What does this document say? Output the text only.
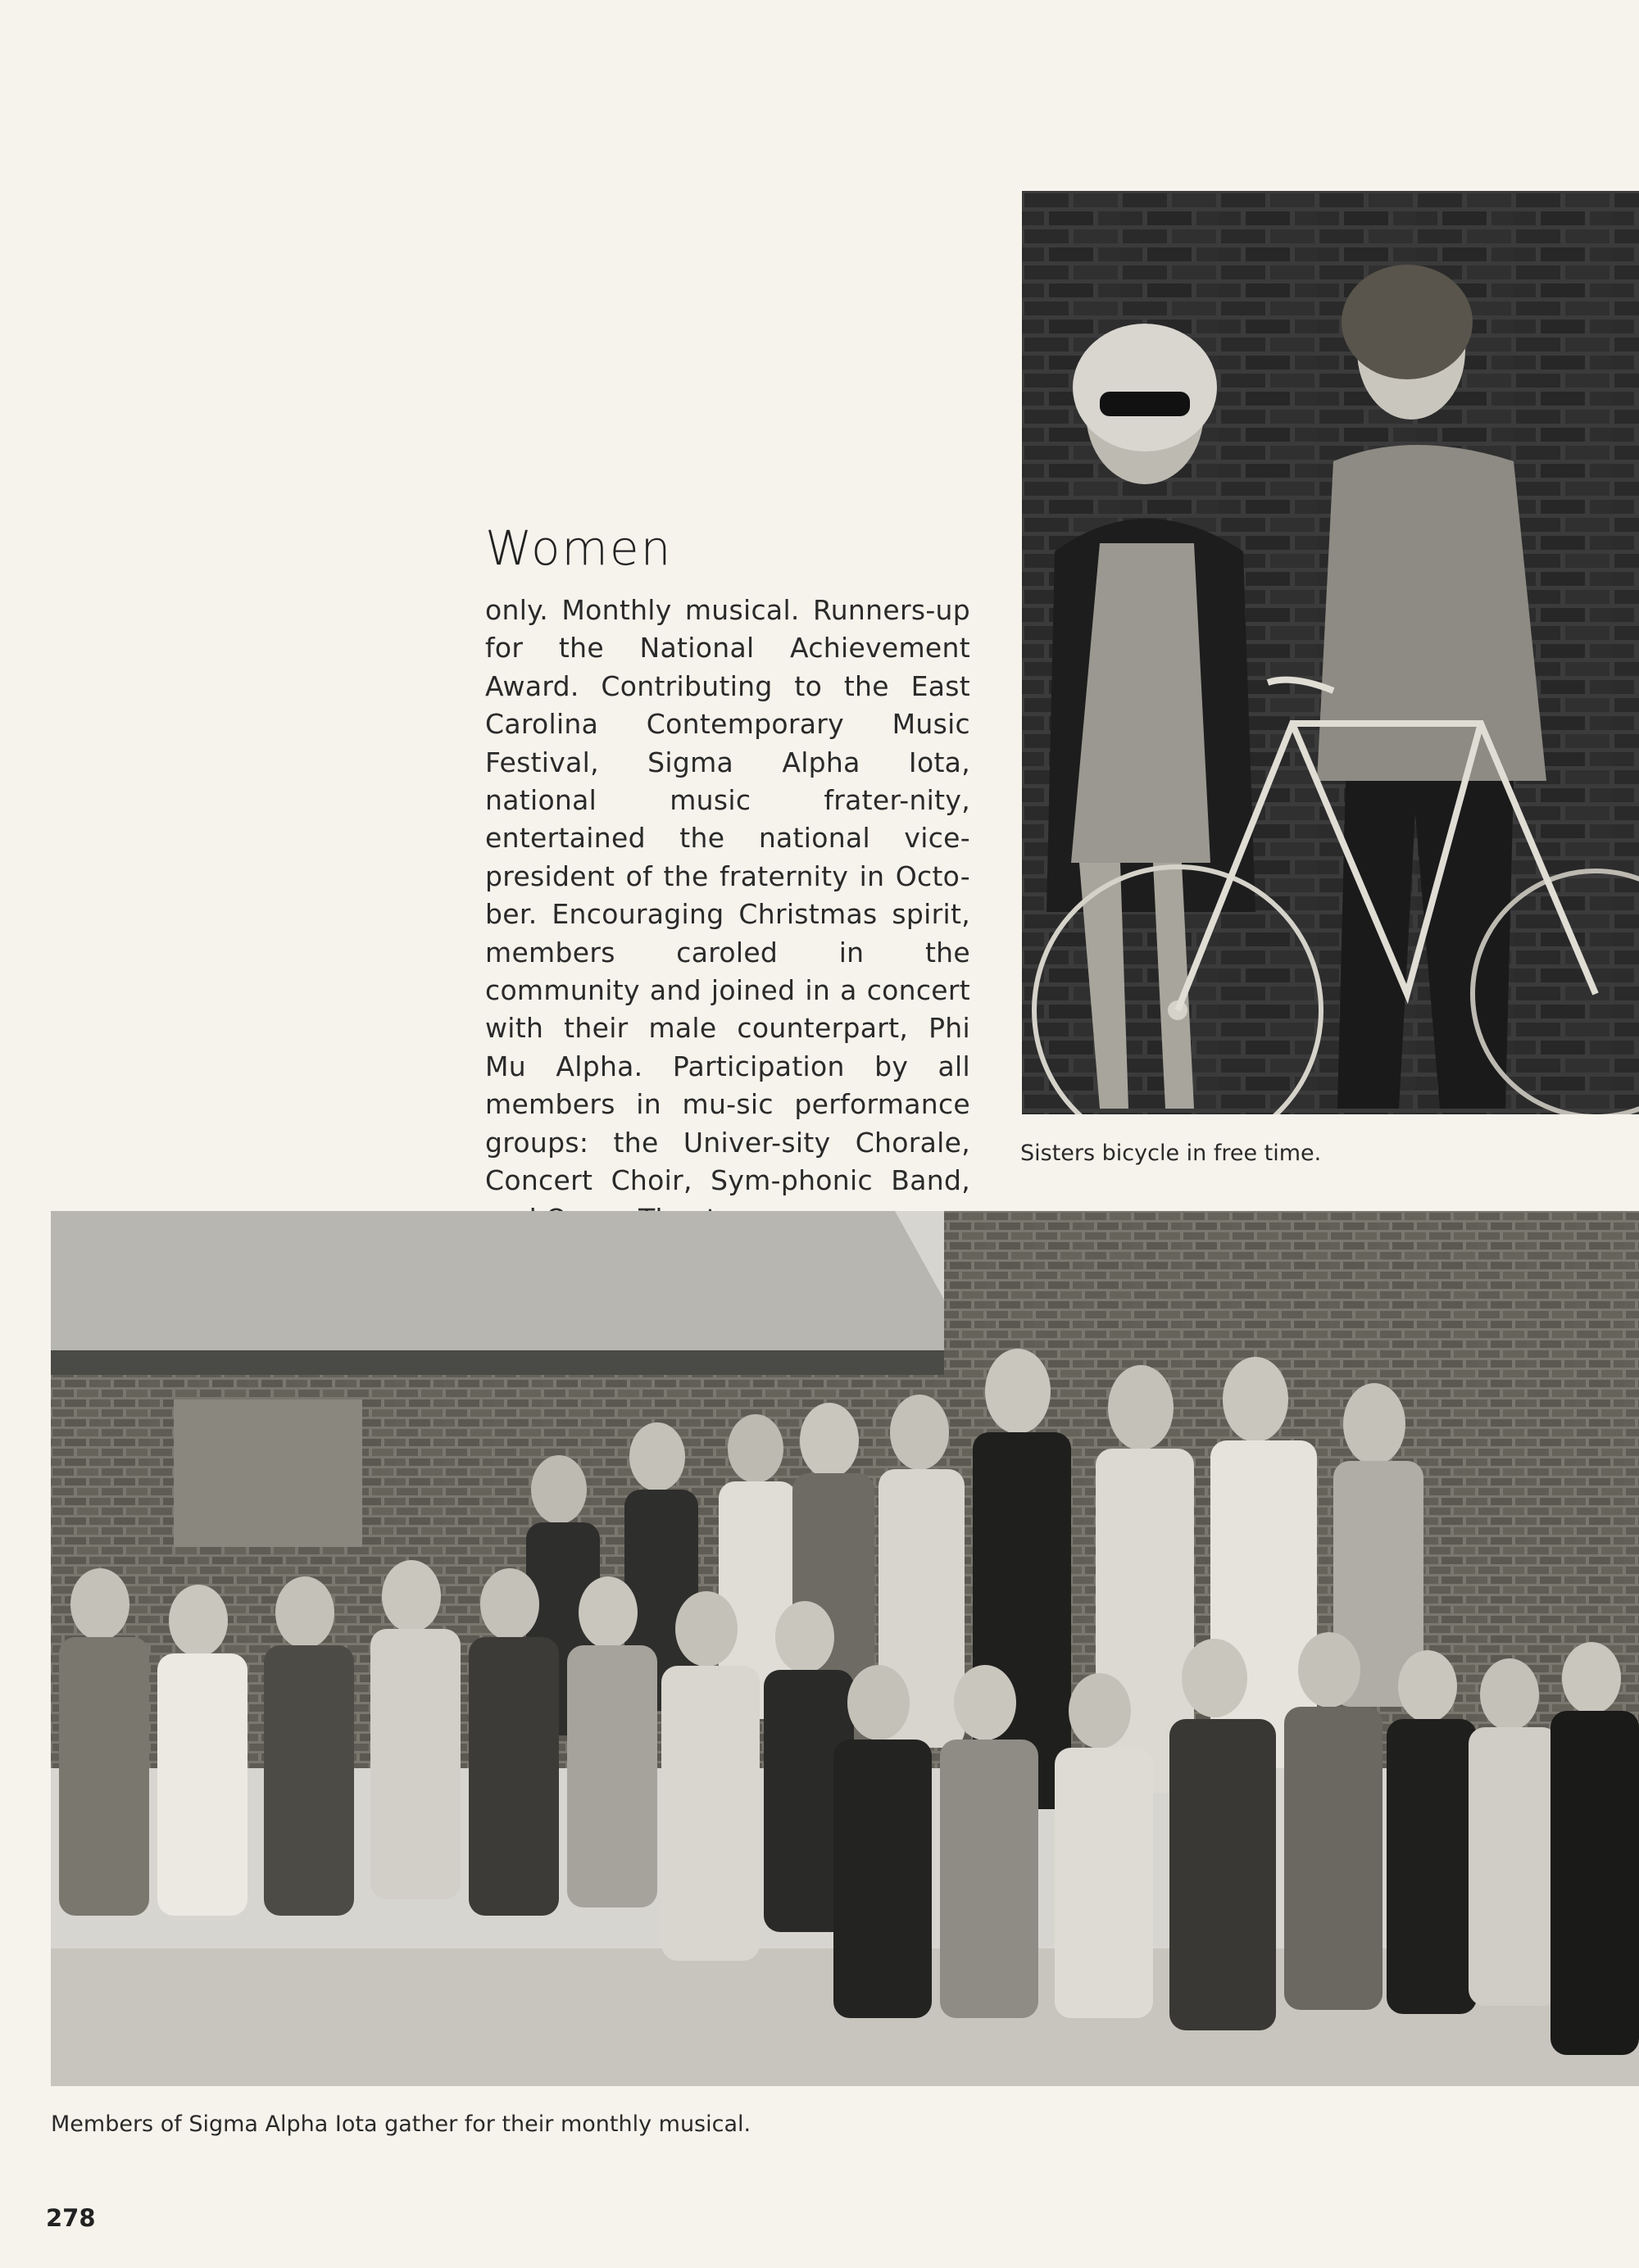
Women

only. Monthly musical. Runners-up for the National Achievement Award. Contributing to the East Carolina Contemporary Music Festival, Sigma Alpha Iota, national music frater-nity, entertained the national vice-president of the fraternity in Octo-ber. Encouraging Christmas spirit, members caroled in the community and joined in a concert with their male counterpart, Phi Mu Alpha. Participation by all members in mu-sic performance groups: the Univer-sity Chorale, Concert Choir, Sym-phonic Band,

Sisters bicycle in free time.

Members of Sigma Alpha Iota gather for their monthly musical.

278
